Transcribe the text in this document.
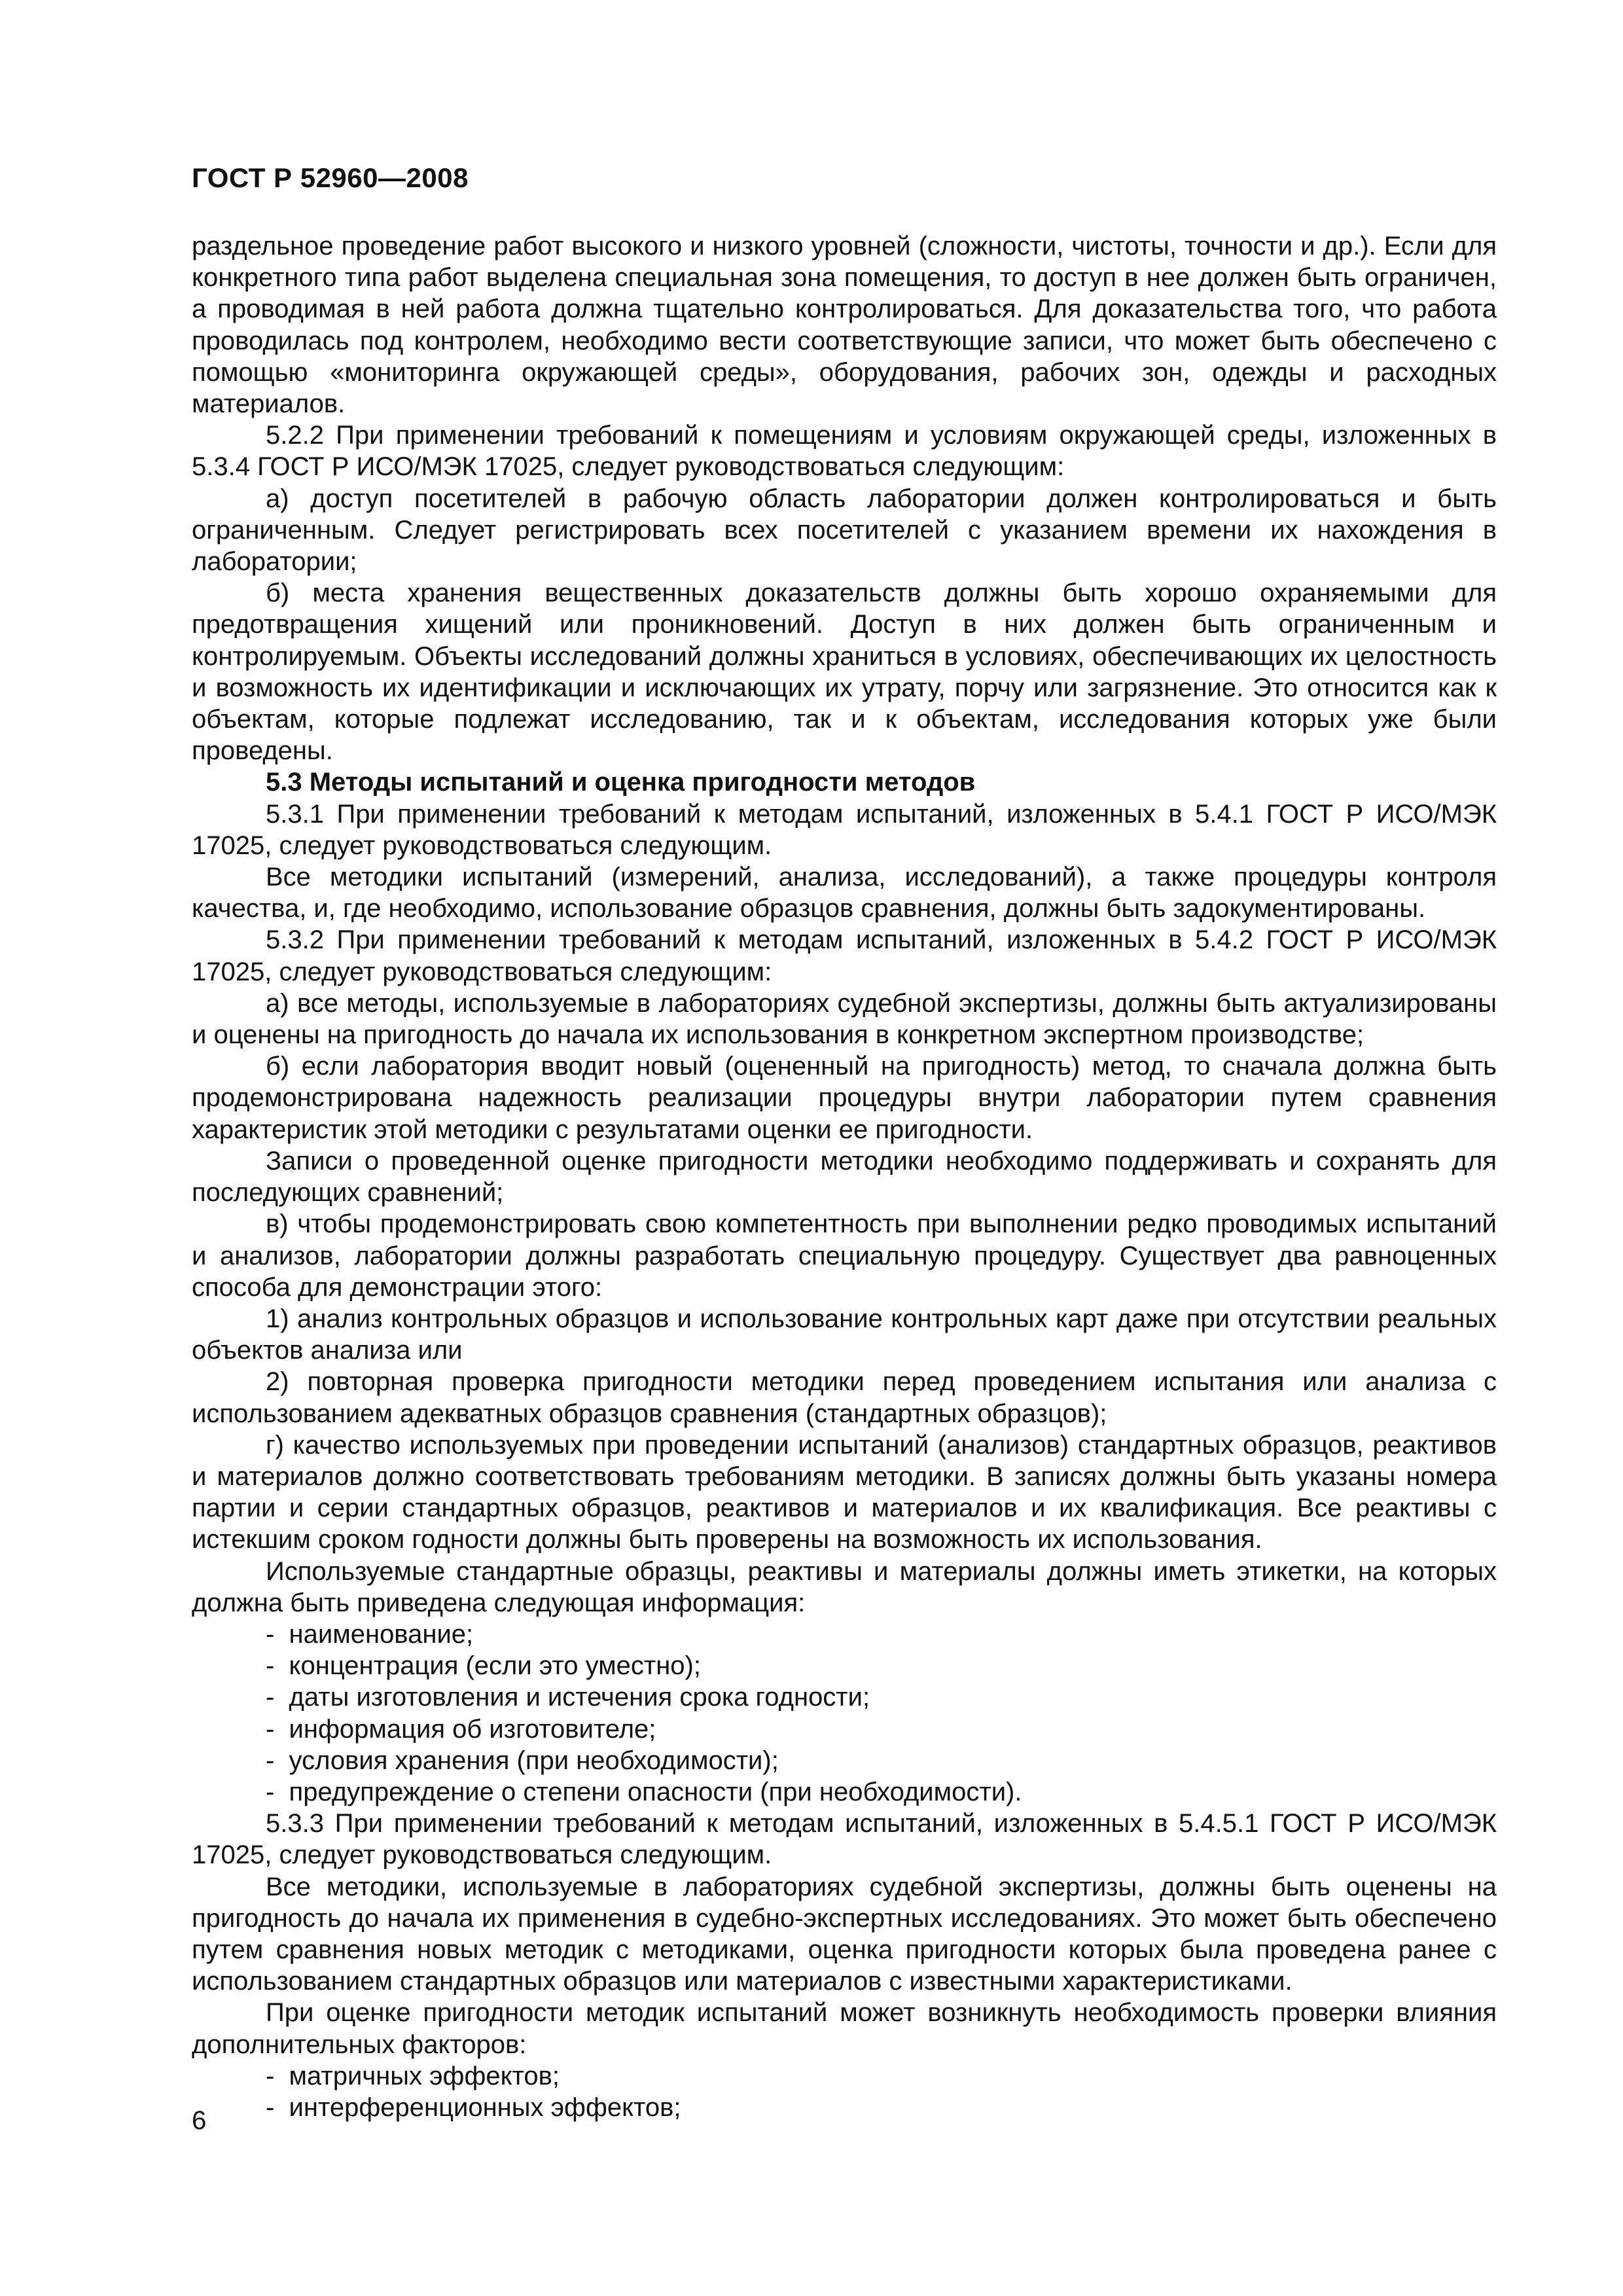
ГОСТ Р 52960—2008

раздельное проведение работ высокого и низкого уровней (сложности, чистоты, точности и др.). Если для конкретного типа работ выделена специальная зона помещения, то доступ в нее должен быть ограничен, а проводимая в ней работа должна тщательно контролироваться. Для доказательства того, что работа проводилась под контролем, необходимо вести соответствующие записи, что может быть обеспечено с помощью «мониторинга окружающей среды», оборудования, рабочих зон, одежды и расходных материалов.

5.2.2 При применении требований к помещениям и условиям окружающей среды, изложенных в 5.3.4 ГОСТ Р ИСО/МЭК 17025, следует руководствоваться следующим:

а) доступ посетителей в рабочую область лаборатории должен контролироваться и быть ограниченным. Следует регистрировать всех посетителей с указанием времени их нахождения в лаборатории;

б) места хранения вещественных доказательств должны быть хорошо охраняемыми для предотвращения хищений или проникновений. Доступ в них должен быть ограниченным и контролируемым. Объекты исследований должны храниться в условиях, обеспечивающих их целостность и возможность их идентификации и исключающих их утрату, порчу или загрязнение. Это относится как к объектам, которые подлежат исследованию, так и к объектам, исследования которых уже были проведены.

5.3 Методы испытаний и оценка пригодности методов

5.3.1 При применении требований к методам испытаний, изложенных в 5.4.1 ГОСТ Р ИСО/МЭК 17025, следует руководствоваться следующим.

Все методики испытаний (измерений, анализа, исследований), а также процедуры контроля качества, и, где необходимо, использование образцов сравнения, должны быть задокументированы.

5.3.2 При применении требований к методам испытаний, изложенных в 5.4.2 ГОСТ Р ИСО/МЭК 17025, следует руководствоваться следующим:

а) все методы, используемые в лабораториях судебной экспертизы, должны быть актуализированы и оценены на пригодность до начала их использования в конкретном экспертном производстве;

б) если лаборатория вводит новый (оцененный на пригодность) метод, то сначала должна быть продемонстрирована надежность реализации процедуры внутри лаборатории путем сравнения характеристик этой методики с результатами оценки ее пригодности.

Записи о проведенной оценке пригодности методики необходимо поддерживать и сохранять для последующих сравнений;

в) чтобы продемонстрировать свою компетентность при выполнении редко проводимых испытаний и анализов, лаборатории должны разработать специальную процедуру. Существует два равноценных способа для демонстрации этого:

1) анализ контрольных образцов и использование контрольных карт даже при отсутствии реальных объектов анализа или

2) повторная проверка пригодности методики перед проведением испытания или анализа с использованием адекватных образцов сравнения (стандартных образцов);

г) качество используемых при проведении испытаний (анализов) стандартных образцов, реактивов и материалов должно соответствовать требованиям методики. В записях должны быть указаны номера партии и серии стандартных образцов, реактивов и материалов и их квалификация. Все реактивы с истекшим сроком годности должны быть проверены на возможность их использования.

Используемые стандартные образцы, реактивы и материалы должны иметь этикетки, на которых должна быть приведена следующая информация:

-  наименование;
-  концентрация (если это уместно);
-  даты изготовления и истечения срока годности;
-  информация об изготовителе;
-  условия хранения (при необходимости);
-  предупреждение о степени опасности (при необходимости).

5.3.3 При применении требований к методам испытаний, изложенных в 5.4.5.1 ГОСТ Р ИСО/МЭК 17025, следует руководствоваться следующим.

Все методики, используемые в лабораториях судебной экспертизы, должны быть оценены на пригодность до начала их применения в судебно-экспертных исследованиях. Это может быть обеспечено путем сравнения новых методик с методиками, оценка пригодности которых была проведена ранее с использованием стандартных образцов или материалов с известными характеристиками.

При оценке пригодности методик испытаний может возникнуть необходимость проверки влияния дополнительных факторов:

-  матричных эффектов;
-  интерференционных эффектов;
6
